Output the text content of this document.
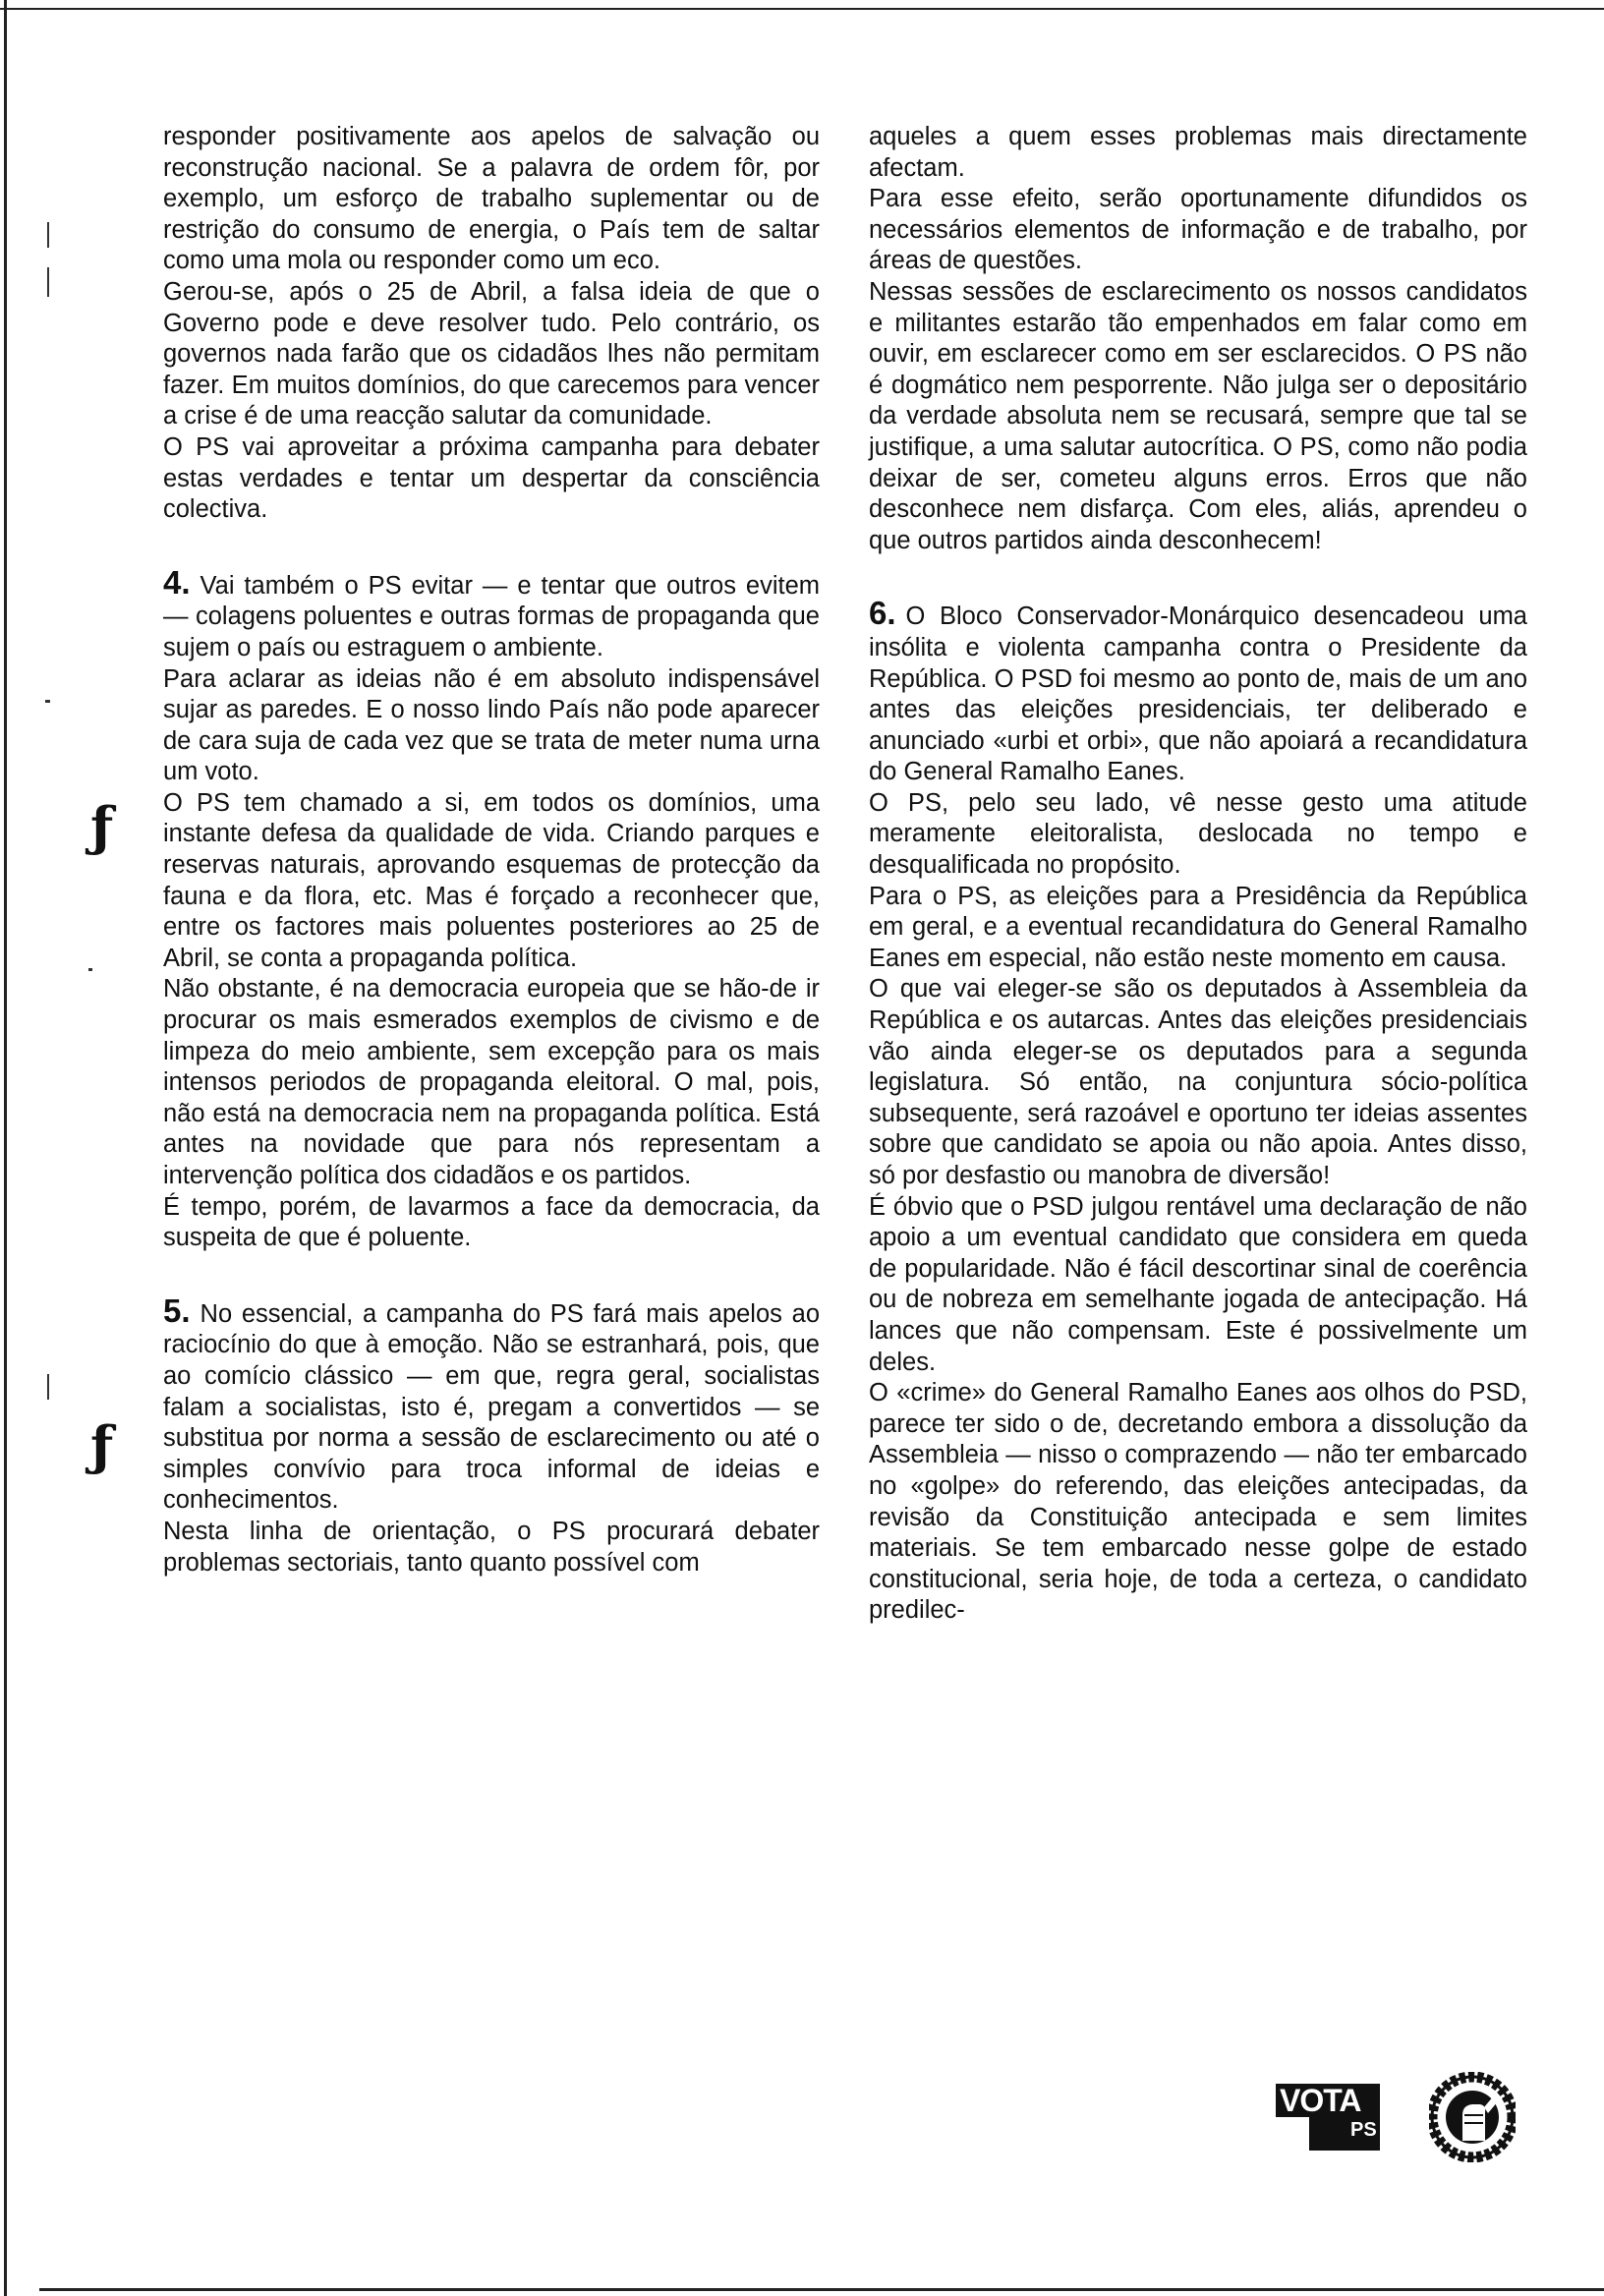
ƒ
ƒ

responder positivamente aos apelos de salvação ou reconstrução nacional. Se a palavra de ordem fôr, por exemplo, um esforço de trabalho suplementar ou de restrição do consumo de energia, o País tem de saltar como uma mola ou responder como um eco.

Gerou-se, após o 25 de Abril, a falsa ideia de que o Governo pode e deve resolver tudo. Pelo contrário, os governos nada farão que os cidadãos lhes não permitam fazer. Em muitos domínios, do que carecemos para vencer a crise é de uma reacção salutar da comunidade.

O PS vai aproveitar a próxima campanha para debater estas verdades e tentar um despertar da consciência colectiva.

4. Vai também o PS evitar — e tentar que outros evitem — colagens poluentes e outras formas de propaganda que sujem o país ou estraguem o ambiente.

Para aclarar as ideias não é em absoluto indispensável sujar as paredes. E o nosso lindo País não pode aparecer de cara suja de cada vez que se trata de meter numa urna um voto.

O PS tem chamado a si, em todos os domínios, uma instante defesa da qualidade de vida. Criando parques e reservas naturais, aprovando esquemas de protecção da fauna e da flora, etc. Mas é forçado a reconhecer que, entre os factores mais poluentes posteriores ao 25 de Abril, se conta a propaganda política.

Não obstante, é na democracia europeia que se hão-de ir procurar os mais esmerados exemplos de civismo e de limpeza do meio ambiente, sem excepção para os mais intensos periodos de propaganda eleitoral. O mal, pois, não está na democracia nem na propaganda política. Está antes na novidade que para nós representam a intervenção política dos cidadãos e os partidos.

É tempo, porém, de lavarmos a face da democracia, da suspeita de que é poluente.

5. No essencial, a campanha do PS fará mais apelos ao raciocínio do que à emoção. Não se estranhará, pois, que ao comício clássico — em que, regra geral, socialistas falam a socialistas, isto é, pregam a convertidos — se substitua por norma a sessão de esclarecimento ou até o simples convívio para troca informal de ideias e conhecimentos.

Nesta linha de orientação, o PS procurará debater problemas sectoriais, tanto quanto possível com

aqueles a quem esses problemas mais directamente afectam.

Para esse efeito, serão oportunamente difundidos os necessários elementos de informação e de trabalho, por áreas de questões.

Nessas sessões de esclarecimento os nossos candidatos e militantes estarão tão empenhados em falar como em ouvir, em esclarecer como em ser esclarecidos. O PS não é dogmático nem pesporrente. Não julga ser o depositário da verdade absoluta nem se recusará, sempre que tal se justifique, a uma salutar autocrítica. O PS, como não podia deixar de ser, cometeu alguns erros. Erros que não desconhece nem disfarça. Com eles, aliás, aprendeu o que outros partidos ainda desconhecem!

6. O Bloco Conservador-Monárquico desencadeou uma insólita e violenta campanha contra o Presidente da República. O PSD foi mesmo ao ponto de, mais de um ano antes das eleições presidenciais, ter deliberado e anunciado «urbi et orbi», que não apoiará a recandidatura do General Ramalho Eanes.

O PS, pelo seu lado, vê nesse gesto uma atitude meramente eleitoralista, deslocada no tempo e desqualificada no propósito.

Para o PS, as eleições para a Presidência da República em geral, e a eventual recandidatura do General Ramalho Eanes em especial, não estão neste momento em causa.

O que vai eleger-se são os deputados à Assembleia da República e os autarcas. Antes das eleições presidenciais vão ainda eleger-se os deputados para a segunda legislatura. Só então, na conjuntura sócio-política subsequente, será razoável e oportuno ter ideias assentes sobre que candidato se apoia ou não apoia. Antes disso, só por desfastio ou manobra de diversão!

É óbvio que o PSD julgou rentável uma declaração de não apoio a um eventual candidato que considera em queda de popularidade. Não é fácil descortinar sinal de coerência ou de nobreza em semelhante jogada de antecipação. Há lances que não compensam. Este é possivelmente um deles.

O «crime» do General Ramalho Eanes aos olhos do PSD, parece ter sido o de, decretando embora a dissolução da Assembleia — nisso o comprazendo — não ter embarcado no «golpe» do referendo, das eleições antecipadas, da revisão da Constituição antecipada e sem limites materiais. Se tem embarcado nesse golpe de estado constitucional, seria hoje, de toda a certeza, o candidato predilec-

VOTA
PS
